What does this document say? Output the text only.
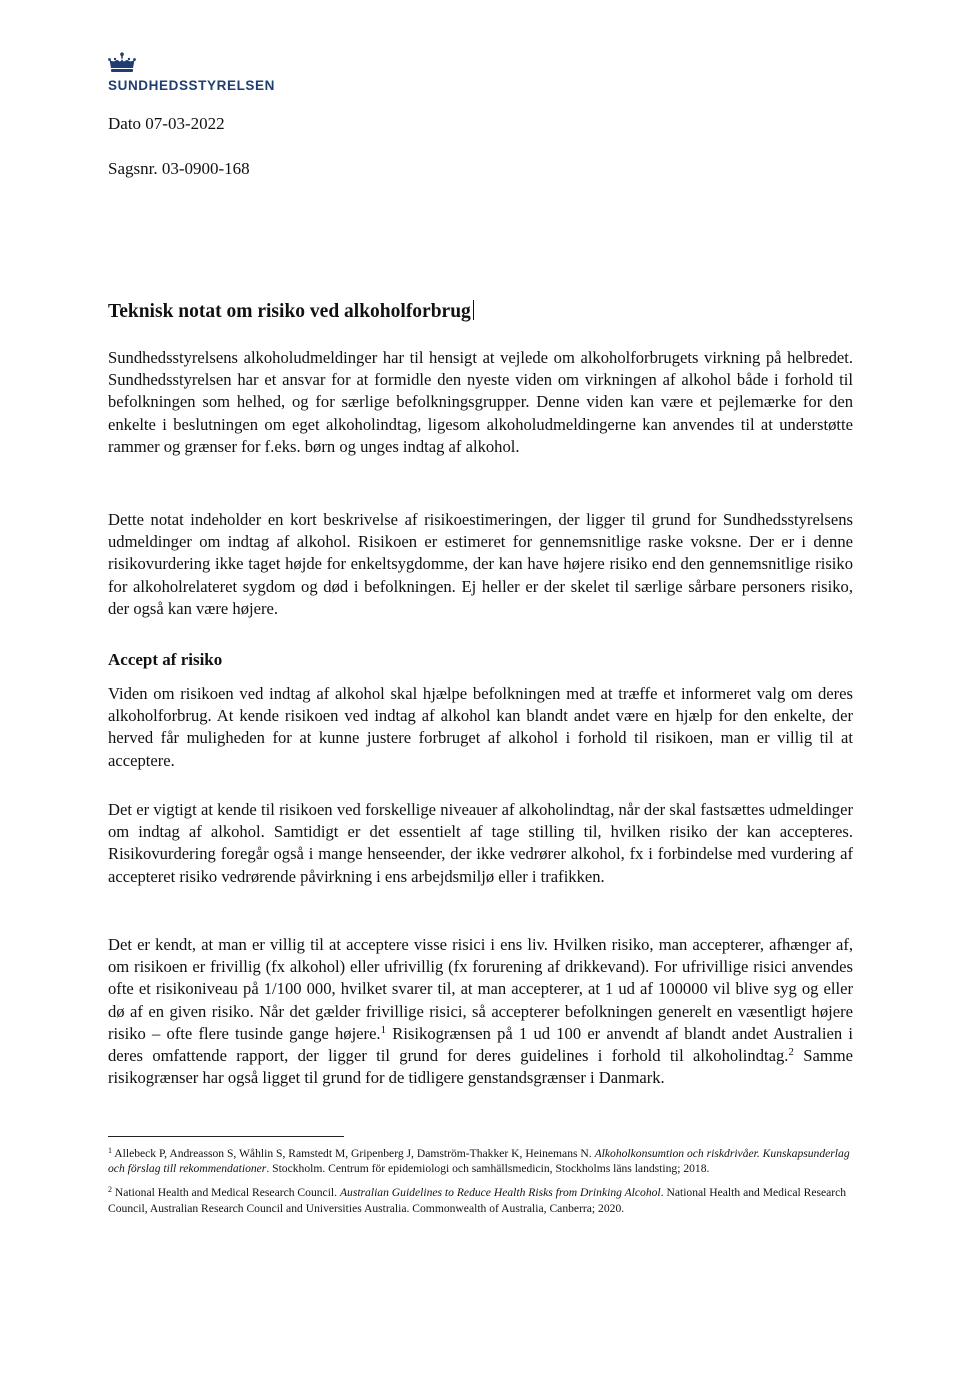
SUNDHEDSSTYRELSEN
Dato 07-03-2022
Sagsnr. 03-0900-168
Teknisk notat om risiko ved alkoholforbrug

Sundhedsstyrelsens alkoholudmeldinger har til hensigt at vejlede om alkoholforbrugets virkning på helbredet. Sundhedsstyrelsen har et ansvar for at formidle den nyeste viden om virkningen af alkohol både i forhold til befolkningen som helhed, og for særlige befolkningsgrupper. Denne viden kan være et pejlemærke for den enkelte i beslutningen om eget alkoholindtag, ligesom alkoholudmeldingerne kan anvendes til at understøtte rammer og grænser for f.eks. børn og unges indtag af alkohol.

Dette notat indeholder en kort beskrivelse af risikoestimeringen, der ligger til grund for Sundhedsstyrelsens udmeldinger om indtag af alkohol. Risikoen er estimeret for gennemsnitlige raske voksne. Der er i denne risikovurdering ikke taget højde for enkeltsygdomme, der kan have højere risiko end den gennemsnitlige risiko for alkoholrelateret sygdom og død i befolkningen. Ej heller er der skelet til særlige sårbare personers risiko, der også kan være højere.

Accept af risiko

Viden om risikoen ved indtag af alkohol skal hjælpe befolkningen med at træffe et informeret valg om deres alkoholforbrug. At kende risikoen ved indtag af alkohol kan blandt andet være en hjælp for den enkelte, der herved får muligheden for at kunne justere forbruget af alkohol i forhold til risikoen, man er villig til at acceptere.

Det er vigtigt at kende til risikoen ved forskellige niveauer af alkoholindtag, når der skal fastsættes udmeldinger om indtag af alkohol. Samtidigt er det essentielt af tage stilling til, hvilken risiko der kan accepteres. Risikovurdering foregår også i mange henseender, der ikke vedrører alkohol, fx i forbindelse med vurdering af accepteret risiko vedrørende påvirkning i ens arbejdsmiljø eller i trafikken.

Det er kendt, at man er villig til at acceptere visse risici i ens liv. Hvilken risiko, man accepterer, afhænger af, om risikoen er frivillig (fx alkohol) eller ufrivillig (fx forurening af drikkevand). For ufrivillige risici anvendes ofte et risikoniveau på 1/100 000, hvilket svarer til, at man accepterer, at 1 ud af 100000 vil blive syg og eller dø af en given risiko. Når det gælder frivillige risici, så accepterer befolkningen generelt en væsentligt højere risiko – ofte flere tusinde gange højere.$^1$ Risikogrænsen på 1 ud 100 er anvendt af blandt andet Australien i deres omfattende rapport, der ligger til grund for deres guidelines i forhold til alkoholindtag.$^2$ Samme risikogrænser har også ligget til grund for de tidligere genstandsgrænser i Danmark.

$^1$ Allebeck P, Andreasson S, Wåhlin S, Ramstedt M, Gripenberg J, Damström-Thakker K, Heinemans N. Alkoholkonsumtion och riskdrivåer. Kunskapsunderlag och förslag till rekommendationer. Stockholm. Centrum för epidemiologi och samhällsmedicin, Stockholms läns landsting; 2018.

$^2$ National Health and Medical Research Council. Australian Guidelines to Reduce Health Risks from Drinking Alcohol. National Health and Medical Research Council, Australian Research Council and Universities Australia. Commonwealth of Australia, Canberra; 2020.
